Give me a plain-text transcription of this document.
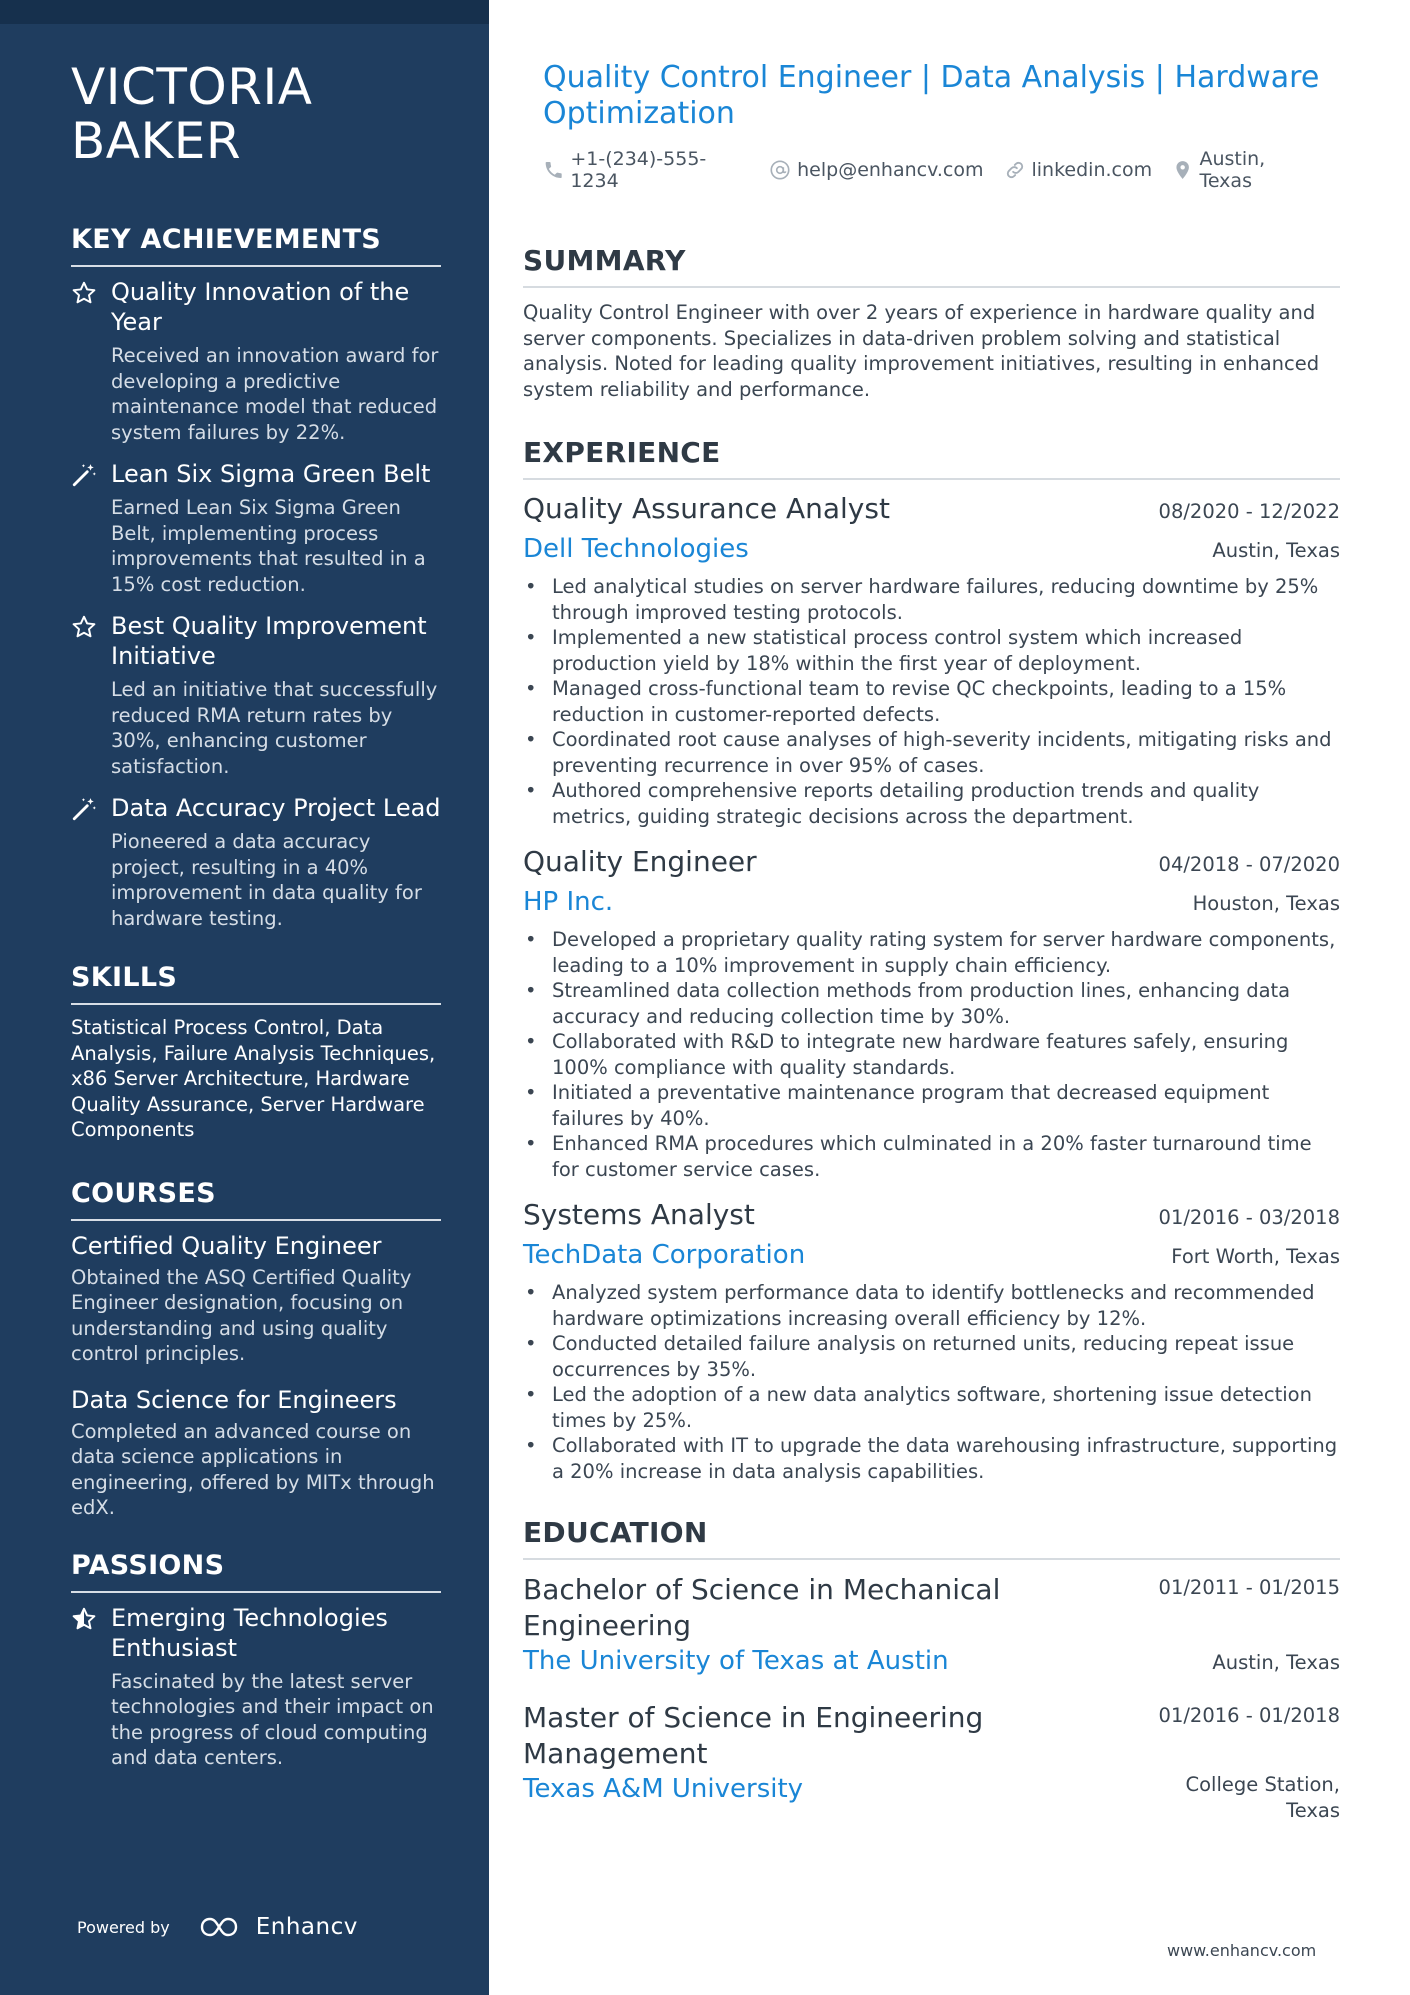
VICTORIA
BAKER
KEY ACHIEVEMENTS
Quality Innovation of the Year
Received an innovation award for developing a predictive maintenance model that reduced system failures by 22%.
Lean Six Sigma Green Belt
Earned Lean Six Sigma Green Belt, implementing process improvements that resulted in a 15% cost reduction.
Best Quality Improvement Initiative
Led an initiative that successfully reduced RMA return rates by 30%, enhancing customer satisfaction.
Data Accuracy Project Lead
Pioneered a data accuracy project, resulting in a 40% improvement in data quality for hardware testing.
SKILLS
Statistical Process Control, Data Analysis, Failure Analysis Techniques, x86 Server Architecture, Hardware Quality Assurance, Server Hardware Components
COURSES
Certified Quality Engineer
Obtained the ASQ Certified Quality Engineer designation, focusing on understanding and using quality control principles.
Data Science for Engineers
Completed an advanced course on data science applications in engineering, offered by MITx through edX.
PASSIONS
Emerging Technologies Enthusiast
Fascinated by the latest server technologies and their impact on the progress of cloud computing and data centers.
Powered by	Enhancv
Quality Control Engineer | Data Analysis | Hardware Optimization
+1-(234)-555-1234	help@enhancv.com	linkedin.com Austin, Texas
SUMMARY

Quality Control Engineer with over 2 years of experience in hardware quality and server components. Specializes in data-driven problem solving and statistical analysis. Noted for leading quality improvement initiatives, resulting in enhanced system reliability and performance.

EXPERIENCE
Quality Assurance Analyst	08/2020 - 12/2022
Dell Technologies	Austin, Texas
• Led analytical studies on server hardware failures, reducing downtime by 25% through improved testing protocols.
• Implemented a new statistical process control system which increased production yield by 18% within the first year of deployment.
• Managed cross-functional team to revise QC checkpoints, leading to a 15% reduction in customer-reported defects.
• Coordinated root cause analyses of high-severity incidents, mitigating risks and preventing recurrence in over 95% of cases.
• Authored comprehensive reports detailing production trends and quality metrics, guiding strategic decisions across the department.
Quality Engineer	04/2018 - 07/2020
HP Inc.	Houston, Texas
• Developed a proprietary quality rating system for server hardware components, leading to a 10% improvement in supply chain efficiency.
• Streamlined data collection methods from production lines, enhancing data accuracy and reducing collection time by 30%.
• Collaborated with R&D to integrate new hardware features safely, ensuring 100% compliance with quality standards.
• Initiated a preventative maintenance program that decreased equipment failures by 40%.
• Enhanced RMA procedures which culminated in a 20% faster turnaround time for customer service cases.
Systems Analyst	01/2016 - 03/2018
TechData Corporation	Fort Worth, Texas
• Analyzed system performance data to identify bottlenecks and recommended hardware optimizations increasing overall efficiency by 12%.
• Conducted detailed failure analysis on returned units, reducing repeat issue occurrences by 35%.
• Led the adoption of a new data analytics software, shortening issue detection times by 25%.
• Collaborated with IT to upgrade the data warehousing infrastructure, supporting a 20% increase in data analysis capabilities.
EDUCATION
Bachelor of Science in Mechanical Engineering
01/2011 - 01/2015
The University of Texas at Austin	Austin, Texas
Master of Science in Engineering Management
01/2016 - 01/2018
Texas A&M University	College Station, Texas
www.enhancv.com
